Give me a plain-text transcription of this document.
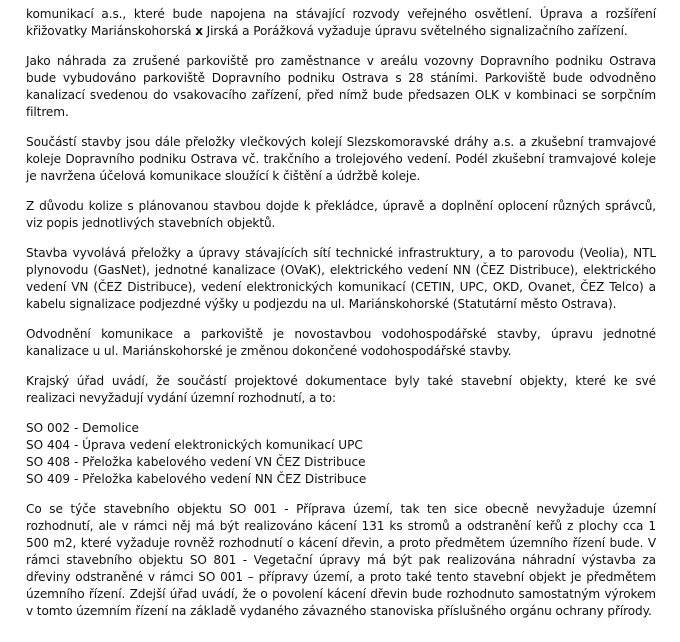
komunikací a.s., které bude napojena na stávající rozvody veřejného osvětlení. Úprava a rozšíření křižovatky Mariánskohorská x Jirská a Porážková vyžaduje úpravu světelného signalizačního zařízení.

Jako náhrada za zrušené parkoviště pro zaměstnance v areálu vozovny Dopravního podniku Ostrava bude vybudováno parkoviště Dopravního podniku Ostrava s 28 stáními. Parkoviště bude odvodněno kanalizací svedenou do vsakovacího zařízení, před nímž bude předsazen OLK v kombinaci se sorpčním filtrem.

Součástí stavby jsou dále přeložky vlečkových kolejí Slezskomoravské dráhy a.s. a zkušební tramvajové koleje Dopravního podniku Ostrava vč. trakčního a trolejového vedení. Podél zkušební tramvajové koleje je navržena účelová komunikace sloužící k čištění a údržbě koleje.

Z důvodu kolize s plánovanou stavbou dojde k překládce, úpravě a doplnění oplocení různých správců, viz popis jednotlivých stavebních objektů.

Stavba vyvolává přeložky a úpravy stávajících sítí technické infrastruktury, a to parovodu (Veolia), NTL plynovodu (GasNet), jednotné kanalizace (OVaK), elektrického vedení NN (ČEZ Distribuce), elektrického vedení VN (ČEZ Distribuce), vedení elektronických komunikací (CETIN, UPC, OKD, Ovanet, ČEZ Telco) a kabelu signalizace podjezdné výšky u podjezdu na ul. Mariánskohorské (Statutární město Ostrava).

Odvodnění komunikace a parkoviště je novostavbou vodohospodářské stavby, úpravu jednotné kanalizace u ul. Mariánskohorské je změnou dokončené vodohospodářské stavby.

Krajský úřad uvádí, že součástí projektové dokumentace byly také stavební objekty, které ke své realizaci nevyžadují vydání územní rozhodnutí, a to:

SO 002 - Demolice
SO 404 - Úprava vedení elektronických komunikací UPC
SO 408 - Přeložka kabelového vedení VN ČEZ Distribuce
SO 409 - Přeložka kabelového vedení NN ČEZ Distribuce

Co se týče stavebního objektu SO 001 - Příprava území, tak ten sice obecně nevyžaduje územní rozhodnutí, ale v rámci něj má být realizováno kácení 131 ks stromů a odstranění keřů z plochy cca 1 500 m2, které vyžaduje rovněž rozhodnutí o kácení dřevin, a proto předmětem územního řízení bude. V rámci stavebního objektu SO 801 - Vegetační úpravy má být pak realizována náhradní výstavba za dřeviny odstraněné v rámci SO 001 – přípravy území, a proto také tento stavební objekt je předmětem územního řízení. Zdejší úřad uvádí, že o povolení kácení dřevin bude rozhodnuto samostatným výrokem v tomto územním řízení na základě vydaného závazného stanoviska příslušného orgánu ochrany přírody.
